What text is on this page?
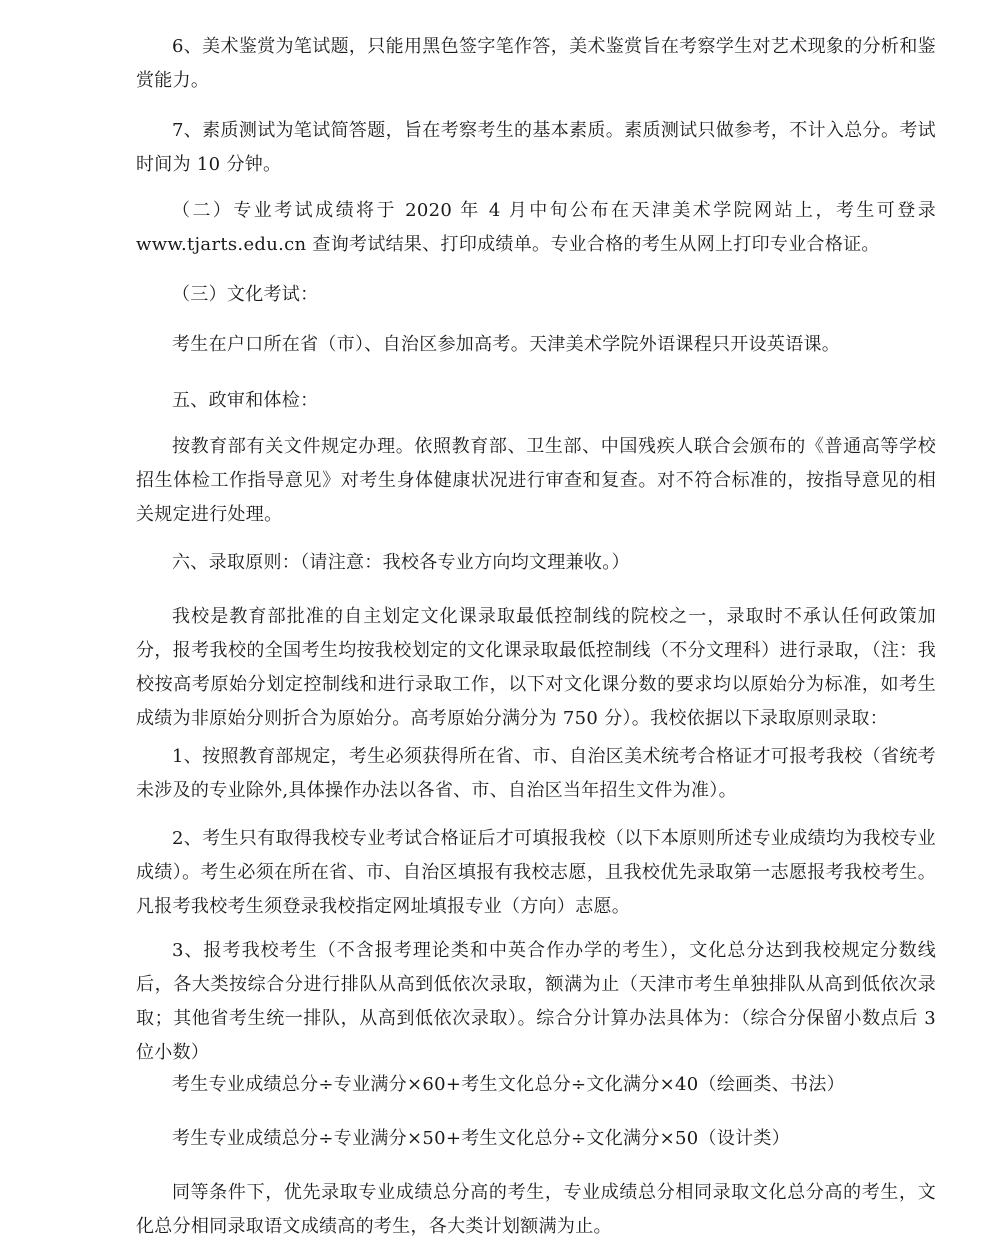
6、美术鉴赏为笔试题，只能用黑色签字笔作答，美术鉴赏旨在考察学生对艺术现象的分析和鉴赏能力。

7、素质测试为笔试简答题，旨在考察考生的基本素质。素质测试只做参考，不计入总分。考试时间为 10 分钟。

（二）专业考试成绩将于 2020 年 4 月中旬公布在天津美术学院网站上，考生可登录 www.tjarts.edu.cn 查询考试结果、打印成绩单。专业合格的考生从网上打印专业合格证。

（三）文化考试：

考生在户口所在省（市）、自治区参加高考。天津美术学院外语课程只开设英语课。

五、政审和体检：

按教育部有关文件规定办理。依照教育部、卫生部、中国残疾人联合会颁布的《普通高等学校招生体检工作指导意见》对考生身体健康状况进行审查和复查。对不符合标准的，按指导意见的相关规定进行处理。

六、录取原则：（请注意：我校各专业方向均文理兼收。）

我校是教育部批准的自主划定文化课录取最低控制线的院校之一，录取时不承认任何政策加分，报考我校的全国考生均按我校划定的文化课录取最低控制线（不分文理科）进行录取，（注：我校按高考原始分划定控制线和进行录取工作，以下对文化课分数的要求均以原始分为标准，如考生成绩为非原始分则折合为原始分。高考原始分满分为 750 分）。我校依据以下录取原则录取：

1、按照教育部规定，考生必须获得所在省、市、自治区美术统考合格证才可报考我校（省统考未涉及的专业除外,具体操作办法以各省、市、自治区当年招生文件为准）。

2、考生只有取得我校专业考试合格证后才可填报我校（以下本原则所述专业成绩均为我校专业成绩）。考生必须在所在省、市、自治区填报有我校志愿，且我校优先录取第一志愿报考我校考生。凡报考我校考生须登录我校指定网址填报专业（方向）志愿。

3、报考我校考生（不含报考理论类和中英合作办学的考生），文化总分达到我校规定分数线后，各大类按综合分进行排队从高到低依次录取，额满为止（天津市考生单独排队从高到低依次录取；其他省考生统一排队，从高到低依次录取）。综合分计算办法具体为：（综合分保留小数点后 3 位小数）

考生专业成绩总分÷专业满分×60+考生文化总分÷文化满分×40（绘画类、书法）

考生专业成绩总分÷专业满分×50+考生文化总分÷文化满分×50（设计类）

同等条件下，优先录取专业成绩总分高的考生，专业成绩总分相同录取文化总分高的考生，文化总分相同录取语文成绩高的考生，各大类计划额满为止。
